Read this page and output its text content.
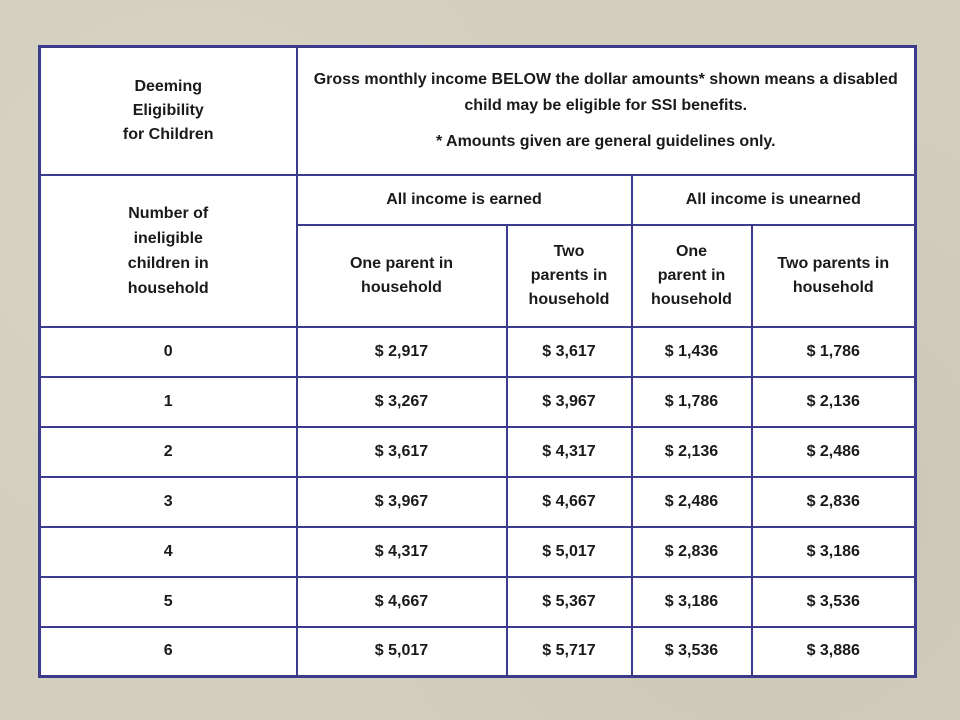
Deeming
Eligibility
for Children	Gross monthly income BELOW the dollar amounts* shown means a disabled child may be eligible for SSI benefits.
* Amounts given are general guidelines only.			

Number of
ineligible
children in
household	All income is earned		All income is unearned	

	One parent in
household	Two
parents in
household	One
parent in
household	Two parents in
household

0	$ 2,917	$ 3,617	$ 1,436	$ 1,786
1	$ 3,267	$ 3,967	$ 1,786	$ 2,136
2	$ 3,617	$ 4,317	$ 2,136	$ 2,486
3	$ 3,967	$ 4,667	$ 2,486	$ 2,836
4	$ 4,317	$ 5,017	$ 2,836	$ 3,186
5	$ 4,667	$ 5,367	$ 3,186	$ 3,536
6	$ 5,017	$ 5,717	$ 3,536	$ 3,886
